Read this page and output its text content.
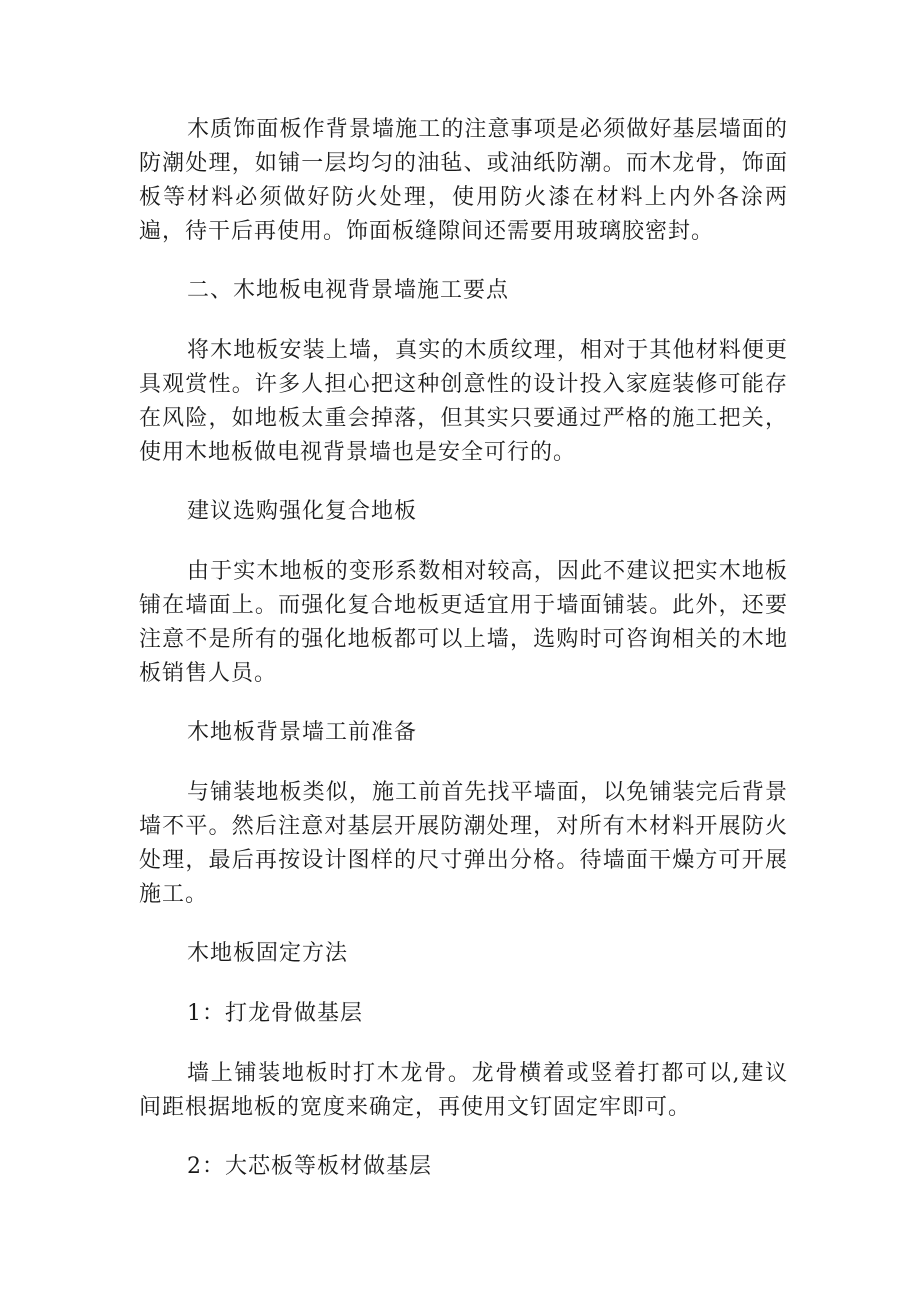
木质饰面板作背景墙施工的注意事项是必须做好基层墙面的防潮处理，如铺一层均匀的油毡、或油纸防潮。而木龙骨，饰面板等材料必须做好防火处理，使用防火漆在材料上内外各涂两遍，待干后再使用。饰面板缝隙间还需要用玻璃胶密封。

二、木地板电视背景墙施工要点

将木地板安装上墙，真实的木质纹理，相对于其他材料便更具观赏性。许多人担心把这种创意性的设计投入家庭装修可能存在风险，如地板太重会掉落，但其实只要通过严格的施工把关，使用木地板做电视背景墙也是安全可行的。

建议选购强化复合地板

由于实木地板的变形系数相对较高，因此不建议把实木地板铺在墙面上。而强化复合地板更适宜用于墙面铺装。此外，还要注意不是所有的强化地板都可以上墙，选购时可咨询相关的木地板销售人员。

木地板背景墙工前准备

与铺装地板类似，施工前首先找平墙面，以免铺装完后背景墙不平。然后注意对基层开展防潮处理，对所有木材料开展防火处理，最后再按设计图样的尺寸弹出分格。待墙面干燥方可开展施工。

木地板固定方法

1：打龙骨做基层

墙上铺装地板时打木龙骨。龙骨横着或竖着打都可以,建议间距根据地板的宽度来确定，再使用文钉固定牢即可。

2：大芯板等板材做基层
